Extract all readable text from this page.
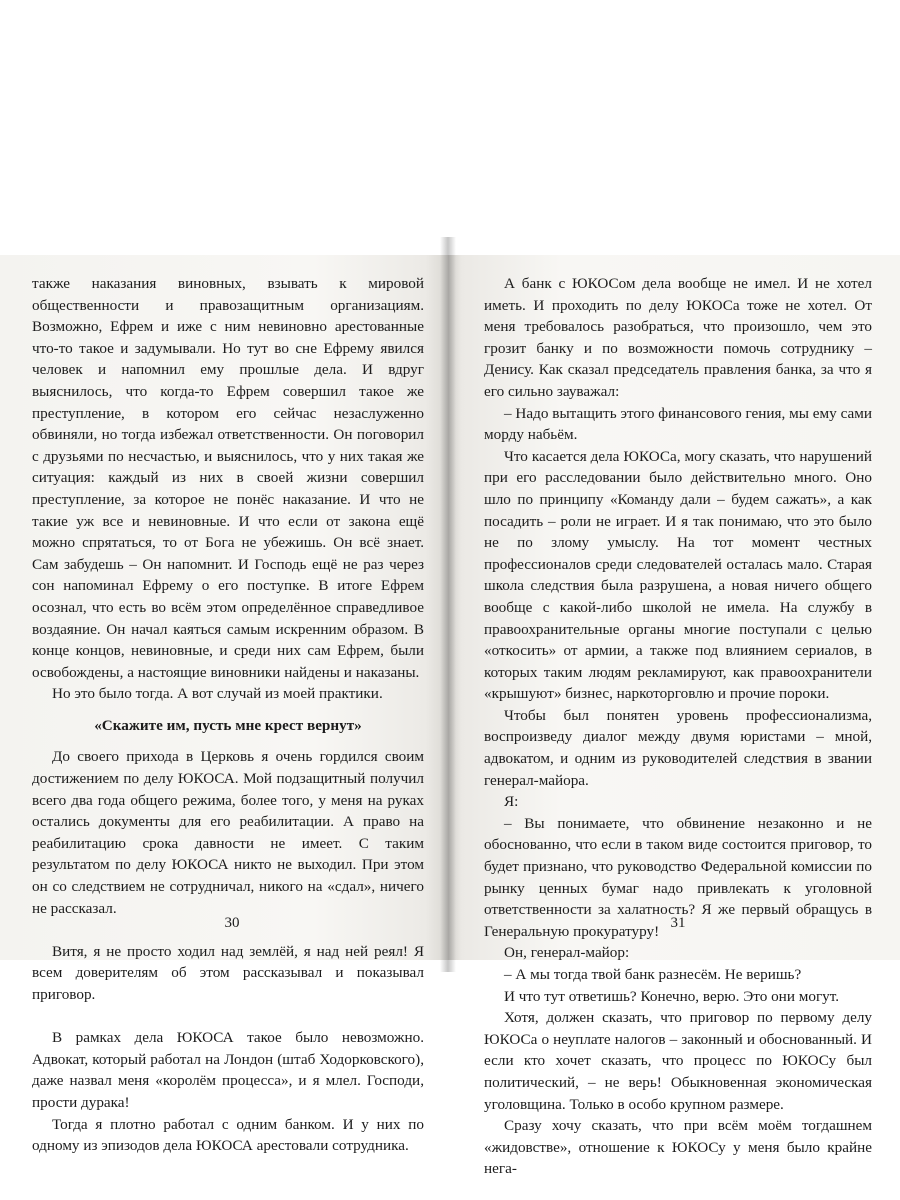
также наказания виновных, взывать к мировой общественности и правозащитным организациям. Возможно, Ефрем и иже с ним невиновно арестованные что-то такое и задумывали. Но тут во сне Ефрему явился человек и напомнил ему прошлые дела. И вдруг выяснилось, что когда-то Ефрем совершил такое же преступление, в котором его сейчас незаслуженно обвиняли, но тогда избежал ответственности. Он поговорил с друзьями по несчастью, и выяснилось, что у них такая же ситуация: каждый из них в своей жизни совершил преступление, за которое не понёс наказание. И что не такие уж все и невиновные. И что если от закона ещё можно спрятаться, то от Бога не убежишь. Он всё знает. Сам забудешь – Он напомнит. И Господь ещё не раз через сон напоминал Ефрему о его поступке. В итоге Ефрем осознал, что есть во всём этом определённое справедливое воздаяние. Он начал каяться самым искренним образом. В конце концов, невиновные, и среди них сам Ефрем, были освобождены, а настоящие виновники найдены и наказаны.

Но это было тогда. А вот случай из моей практики.

«Скажите им, пусть мне крест вернут»

До своего прихода в Церковь я очень гордился своим достижением по делу ЮКОСА. Мой подзащитный получил всего два года общего режима, более того, у меня на руках остались документы для его реабилитации. А право на реабилитацию срока давности не имеет. С таким результатом по делу ЮКОСА никто не выходил. При этом он со следствием не сотрудничал, никого на «сдал», ничего не рассказал.

Витя, я не просто ходил над землёй, я над ней реял! Я всем доверителям об этом рассказывал и показывал приговор.

В рамках дела ЮКОСА такое было невозможно. Адвокат, который работал на Лондон (штаб Ходорковского), даже назвал меня «королём процесса», и я млел. Господи, прости дурака!

Тогда я плотно работал с одним банком. И у них по одному из эпизодов дела ЮКОСА арестовали сотрудника.

30

А банк с ЮКОСом дела вообще не имел. И не хотел иметь. И проходить по делу ЮКОСа тоже не хотел. От меня требовалось разобраться, что произошло, чем это грозит банку и по возможности помочь сотруднику – Денису. Как сказал председатель правления банка, за что я его сильно зауважал:

– Надо вытащить этого финансового гения, мы ему сами морду набьём.

Что касается дела ЮКОСа, могу сказать, что нарушений при его расследовании было действительно много. Оно шло по принципу «Команду дали – будем сажать», а как посадить – роли не играет. И я так понимаю, что это было не по злому умыслу. На тот момент честных профессионалов среди следователей осталась мало. Старая школа следствия была разрушена, а новая ничего общего вообще с какой-либо школой не имела. На службу в правоохранительные органы многие поступали с целью «откосить» от армии, а также под влиянием сериалов, в которых таким людям рекламируют, как правоохранители «крышуют» бизнес, наркоторговлю и прочие пороки.

Чтобы был понятен уровень профессионализма, воспроизведу диалог между двумя юристами – мной, адвокатом, и одним из руководителей следствия в звании генерал-майора.

Я:

– Вы понимаете, что обвинение незаконно и не обоснованно, что если в таком виде состоится приговор, то будет признано, что руководство Федеральной комиссии по рынку ценных бумаг надо привлекать к уголовной ответственности за халатность? Я же первый обращусь в Генеральную прокуратуру!

Он, генерал-майор:

– А мы тогда твой банк разнесём. Не веришь?

И что тут ответишь? Конечно, верю. Это они могут.

Хотя, должен сказать, что приговор по первому делу ЮКОСа о неуплате налогов – законный и обоснованный. И если кто хочет сказать, что процесс по ЮКОСу был политический, – не верь! Обыкновенная экономическая уголовщина. Только в особо крупном размере.

Сразу хочу сказать, что при всём моём тогдашнем «жидовстве», отношение к ЮКОСу у меня было крайне нега-

31
